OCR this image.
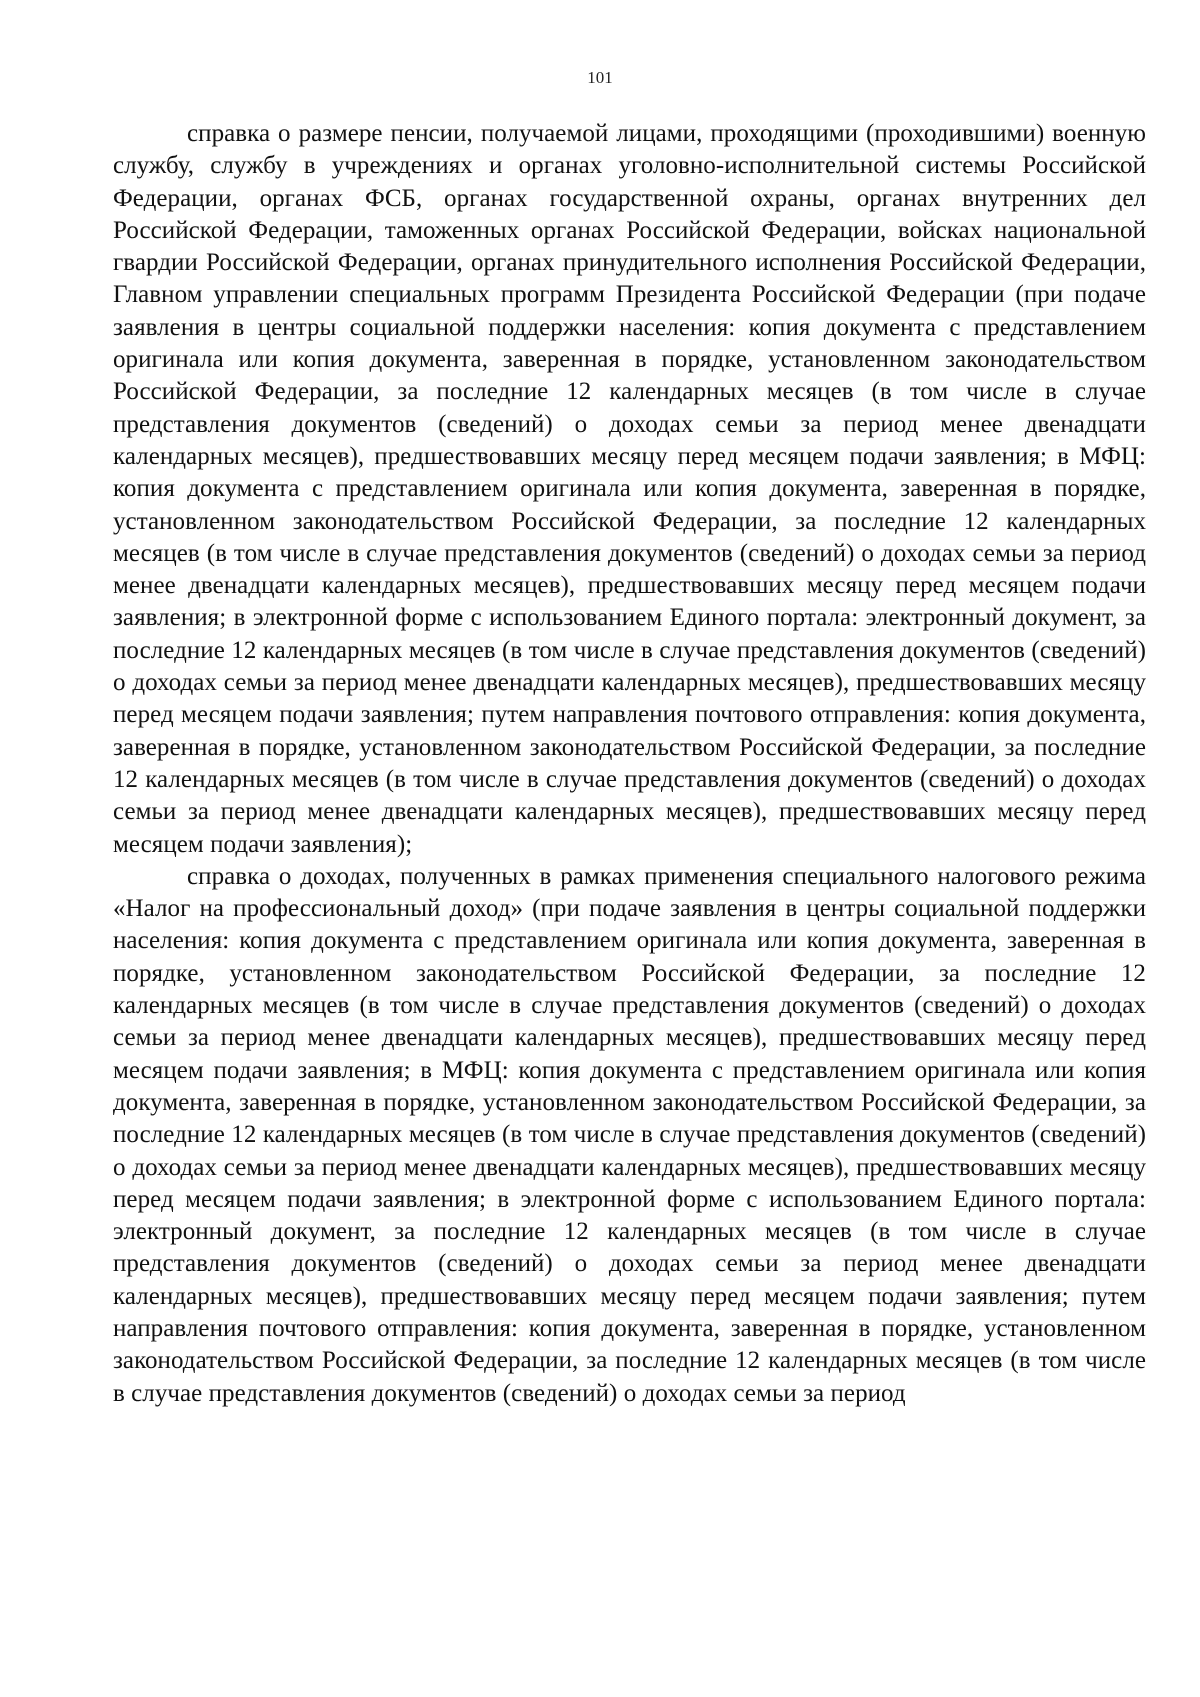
101

справка о размере пенсии, получаемой лицами, проходящими (проходившими) военную службу, службу в учреждениях и органах уголовно-исполнительной системы Российской Федерации, органах ФСБ, органах государственной охраны, органах внутренних дел Российской Федерации, таможенных органах Российской Федерации, войсках национальной гвардии Российской Федерации, органах принудительного исполнения Российской Федерации, Главном управлении специальных программ Президента Российской Федерации (при подаче заявления в центры социальной поддержки населения: копия документа с представлением оригинала или копия документа, заверенная в порядке, установленном законодательством Российской Федерации, за последние 12 календарных месяцев (в том числе в случае представления документов (сведений) о доходах семьи за период менее двенадцати календарных месяцев), предшествовавших месяцу перед месяцем подачи заявления; в МФЦ: копия документа с представлением оригинала или копия документа, заверенная в порядке, установленном законодательством Российской Федерации, за последние 12 календарных месяцев (в том числе в случае представления документов (сведений) о доходах семьи за период менее двенадцати календарных месяцев), предшествовавших месяцу перед месяцем подачи заявления; в электронной форме с использованием Единого портала: электронный документ, за последние 12 календарных месяцев (в том числе в случае представления документов (сведений) о доходах семьи за период менее двенадцати календарных месяцев), предшествовавших месяцу перед месяцем подачи заявления; путем направления почтового отправления: копия документа, заверенная в порядке, установленном законодательством Российской Федерации, за последние 12 календарных месяцев (в том числе в случае представления документов (сведений) о доходах семьи за период менее двенадцати календарных месяцев), предшествовавших месяцу перед месяцем подачи заявления);

справка о доходах, полученных в рамках применения специального налогового режима «Налог на профессиональный доход» (при подаче заявления в центры социальной поддержки населения: копия документа с представлением оригинала или копия документа, заверенная в порядке, установленном законодательством Российской Федерации, за последние 12 календарных месяцев (в том числе в случае представления документов (сведений) о доходах семьи за период менее двенадцати календарных месяцев), предшествовавших месяцу перед месяцем подачи заявления; в МФЦ: копия документа с представлением оригинала или копия документа, заверенная в порядке, установленном законодательством Российской Федерации, за последние 12 календарных месяцев (в том числе в случае представления документов (сведений) о доходах семьи за период менее двенадцати календарных месяцев), предшествовавших месяцу перед месяцем подачи заявления; в электронной форме с использованием Единого портала: электронный документ, за последние 12 календарных месяцев (в том числе в случае представления документов (сведений) о доходах семьи за период менее двенадцати календарных месяцев), предшествовавших месяцу перед месяцем подачи заявления; путем направления почтового отправления: копия документа, заверенная в порядке, установленном законодательством Российской Федерации, за последние 12 календарных месяцев (в том числе в случае представления документов (сведений) о доходах семьи за период
